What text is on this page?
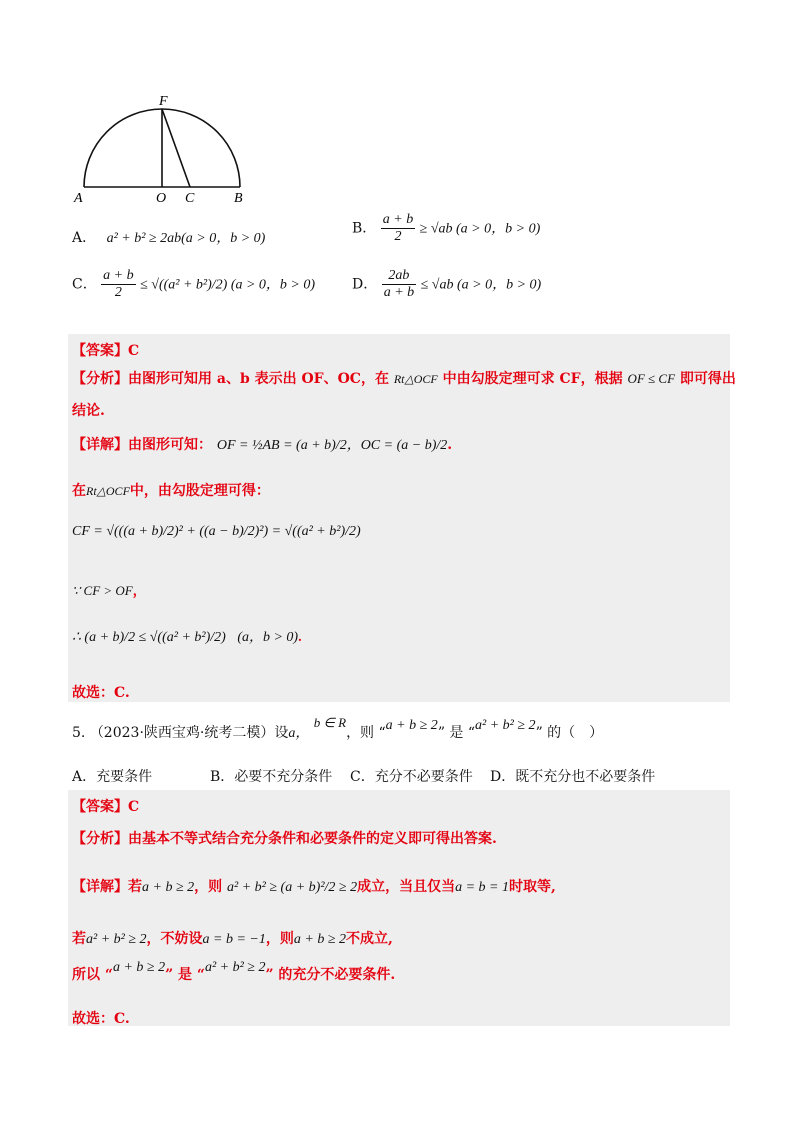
F
A	O C	B
A． a² + b² ≥ 2ab(a > 0，b > 0)
B． $\frac{a + b}{2} \ge √ab$ (a > 0，b > 0)
C． $\frac{a + b}{2} \le √((a^2 + b^2)/2) (a > 0$，b > 0)	D． $\frac{2ab}{a + b} \le √ab$ (a > 0，b > 0)
【答案】C
【分析】由图形可知用 a、b 表示出 OF、OC，在 Rt△OCF 中由勾股定理可求 CF，根据 OF ≤ CF 即可得出
结论.
【详解】由图形可知： OF = ½AB = (a + b)/2，OC = (a − b)/2.
在Rt△OCF中，由勾股定理可得：
CF = √(((a + b)/2)² + ((a − b)/2)²) = √((a² + b²)/2)
∵ CF > OF，
∴ (a + b)/2 ≤ √((a² + b²)/2) (a，b > 0).
故选：C.
5. （2023·陕西宝鸡·统考二模）设a， b ∈ R，则 “a + b ≥ 2” 是 “a² + b² ≥ 2” 的（　）
A．充要条件	B．必要不充分条件 C．充分不必要条件 D．既不充分也不必要条件
【答案】C
【分析】由基本不等式结合充分条件和必要条件的定义即可得出答案.
【详解】若a + b ≥ 2，则 a² + b² ≥ (a + b)²/2 ≥ 2成立，当且仅当a = b = 1时取等,
若a² + b² ≥ 2，不妨设a = b = −1，则a + b ≥ 2不成立,
所以 “a + b ≥ 2” 是 “a² + b² ≥ 2” 的充分不必要条件.
故选：C.
